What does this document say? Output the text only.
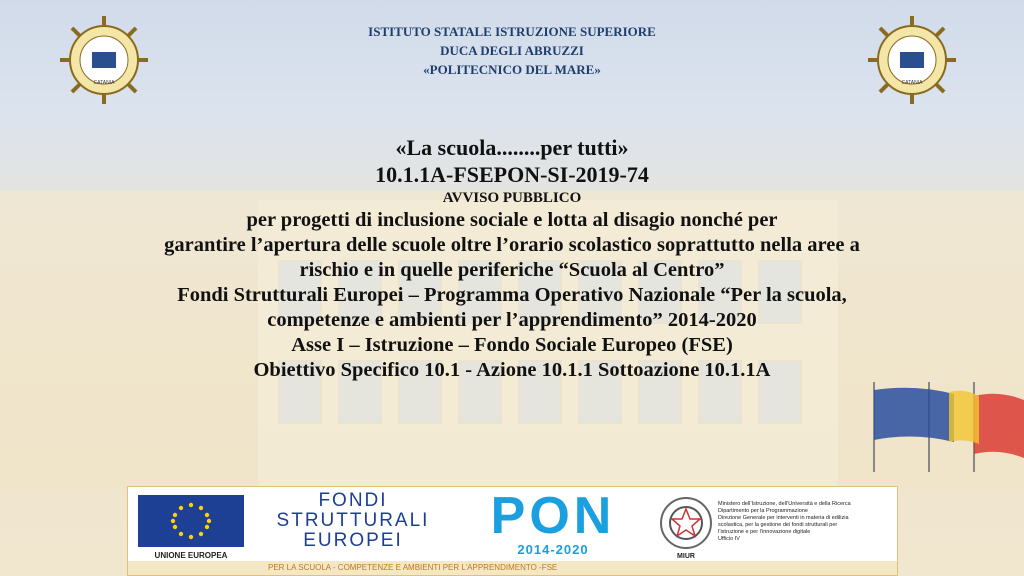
CATANIA	CATANIA
ISTITUTO STATALE ISTRUZIONE SUPERIORE
DUCA DEGLI ABRUZZI
«POLITECNICO DEL MARE»
«La scuola........per tutti»
10.1.1A-FSEPON-SI-2019-74
AVVISO PUBBLICO
per progetti di inclusione sociale e lotta al disagio nonché per
garantire l’apertura delle scuole oltre l’orario scolastico soprattutto nella aree a
rischio e in quelle periferiche “Scuola al Centro”
Fondi Strutturali Europei – Programma Operativo Nazionale “Per la scuola,
competenze e ambienti per l’apprendimento” 2014-2020
Asse I – Istruzione – Fondo Sociale Europeo (FSE)
Obiettivo Specifico 10.1 - Azione 10.1.1 Sottoazione 10.1.1A
UNIONE EUROPEA
FONDI
STRUTTURALI
EUROPEI	PON
2014-2020	MIUR
Ministero dell’Istruzione, dell’Università e della Ricerca
Dipartimento per la Programmazione
Direzione Generale per interventi in materia di edilizia
scolastica, per la gestione dei fondi strutturali per
l’istruzione e per l’innovazione digitale
Ufficio IV
PER LA SCUOLA - COMPETENZE E AMBIENTI PER L’APPRENDIMENTO -FSE
